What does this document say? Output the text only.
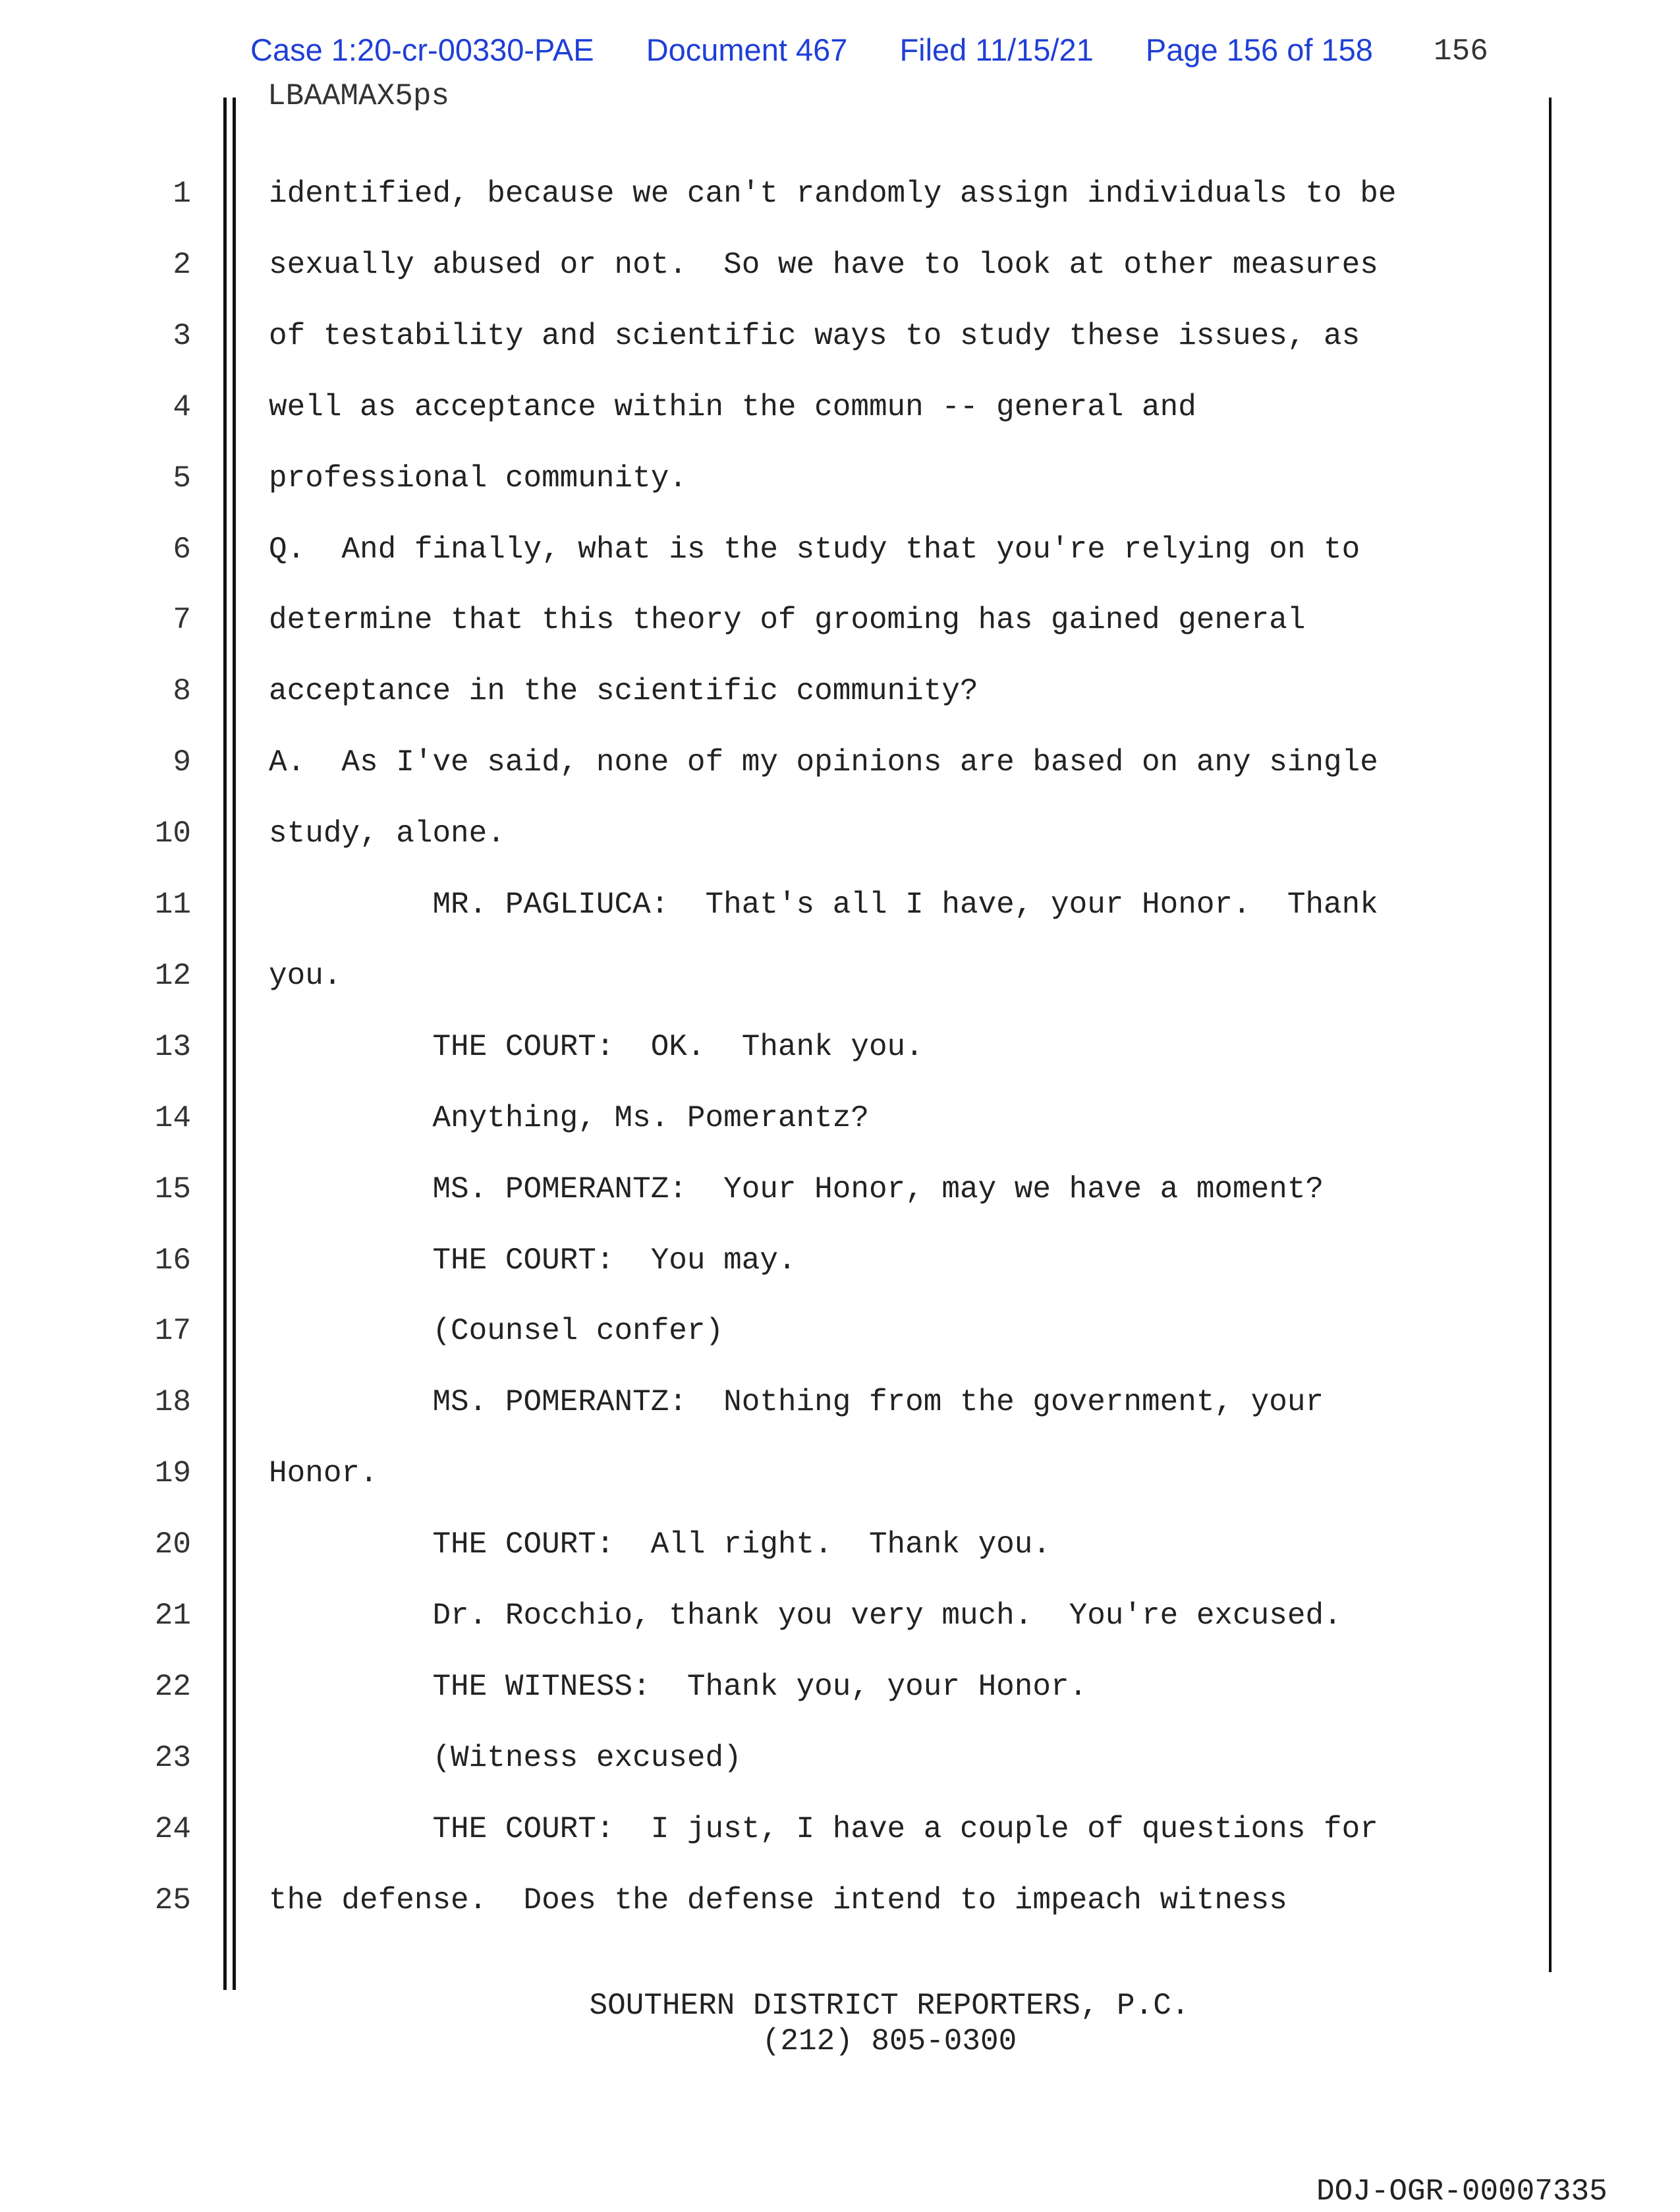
Case 1:20-cr-00330-PAE Document 467 Filed 11/15/21 Page 156 of 158 156
LBAAMAX5ps
1	identified, because we can't randomly assign individuals to be
2	sexually abused or not.  So we have to look at other measures
3	of testability and scientific ways to study these issues, as
4	well as acceptance within the commun -- general and
5	professional community.
6	Q.  And finally, what is the study that you're relying on to
7	determine that this theory of grooming has gained general
8	acceptance in the scientific community?
9	A.  As I've said, none of my opinions are based on any single
10	study, alone.
11	MR. PAGLIUCA:  That's all I have, your Honor.  Thank
12	you.
13	THE COURT:  OK.  Thank you.
14	Anything, Ms. Pomerantz?
15	MS. POMERANTZ:  Your Honor, may we have a moment?
16	THE COURT:  You may.
17	(Counsel confer)
18	MS. POMERANTZ:  Nothing from the government, your
19	Honor.
20	THE COURT:  All right.  Thank you.
21	Dr. Rocchio, thank you very much.  You're excused.
22	THE WITNESS:  Thank you, your Honor.
23	(Witness excused)
24	THE COURT:  I just, I have a couple of questions for
25	the defense.  Does the defense intend to impeach witness
SOUTHERN DISTRICT REPORTERS, P.C.
(212) 805-0300
DOJ-OGR-00007335
